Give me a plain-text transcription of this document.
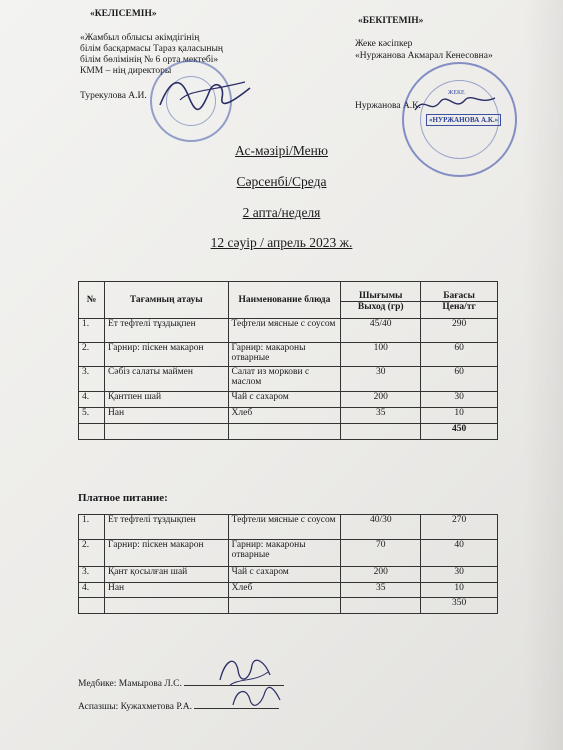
«КЕЛІСЕМІН»
«Жамбыл облысы әкімдігінің
білім басқармасы Тараз қаласының
білім бөлімінің № 6 орта мектебі»
КММ – нің директоры
Турекулова А.И.
«БЕКІТЕМІН»
Жеке кәсіпкер
«Нуржанова Акмарал Кенесовна»
Нуржанова А.К.
ЖЕКЕ
«НУРЖАНОВА А.К.»
Ас-мәзірі/Меню
Сәрсенбі/Среда
2 апта/неделя
12 сәуір / апрель 2023 ж.
№	Тағамның атауы	Наименование блюда	Шығымы	Бағасы
			Выход (гр)	Цена/тг
1.	Ет тефтелі тұздықпен	Тефтели мясные с соусом	45/40	290
2.	Гарнир: піскен макарон	Гарнир: макароны отварные	100	60
3.	Сәбіз салаты маймен	Салат из моркови с маслом	30	60
4.	Қантпен шай	Чай с сахаром	200	30
5.	Нан	Хлеб	35	10
				450
Платное питание:
1.	Ет тефтелі тұздықпен	Тефтели мясные с соусом	40/30	270
2.	Гарнир: піскен макарон	Гарнир: макароны отварные	70	40
3.	Қант қосылған шай	Чай с сахаром	200	30
4.	Нан	Хлеб	35	10
				350
Медбике: Мамырова Л.С.
Аспазшы: Кужахметова Р.А.
